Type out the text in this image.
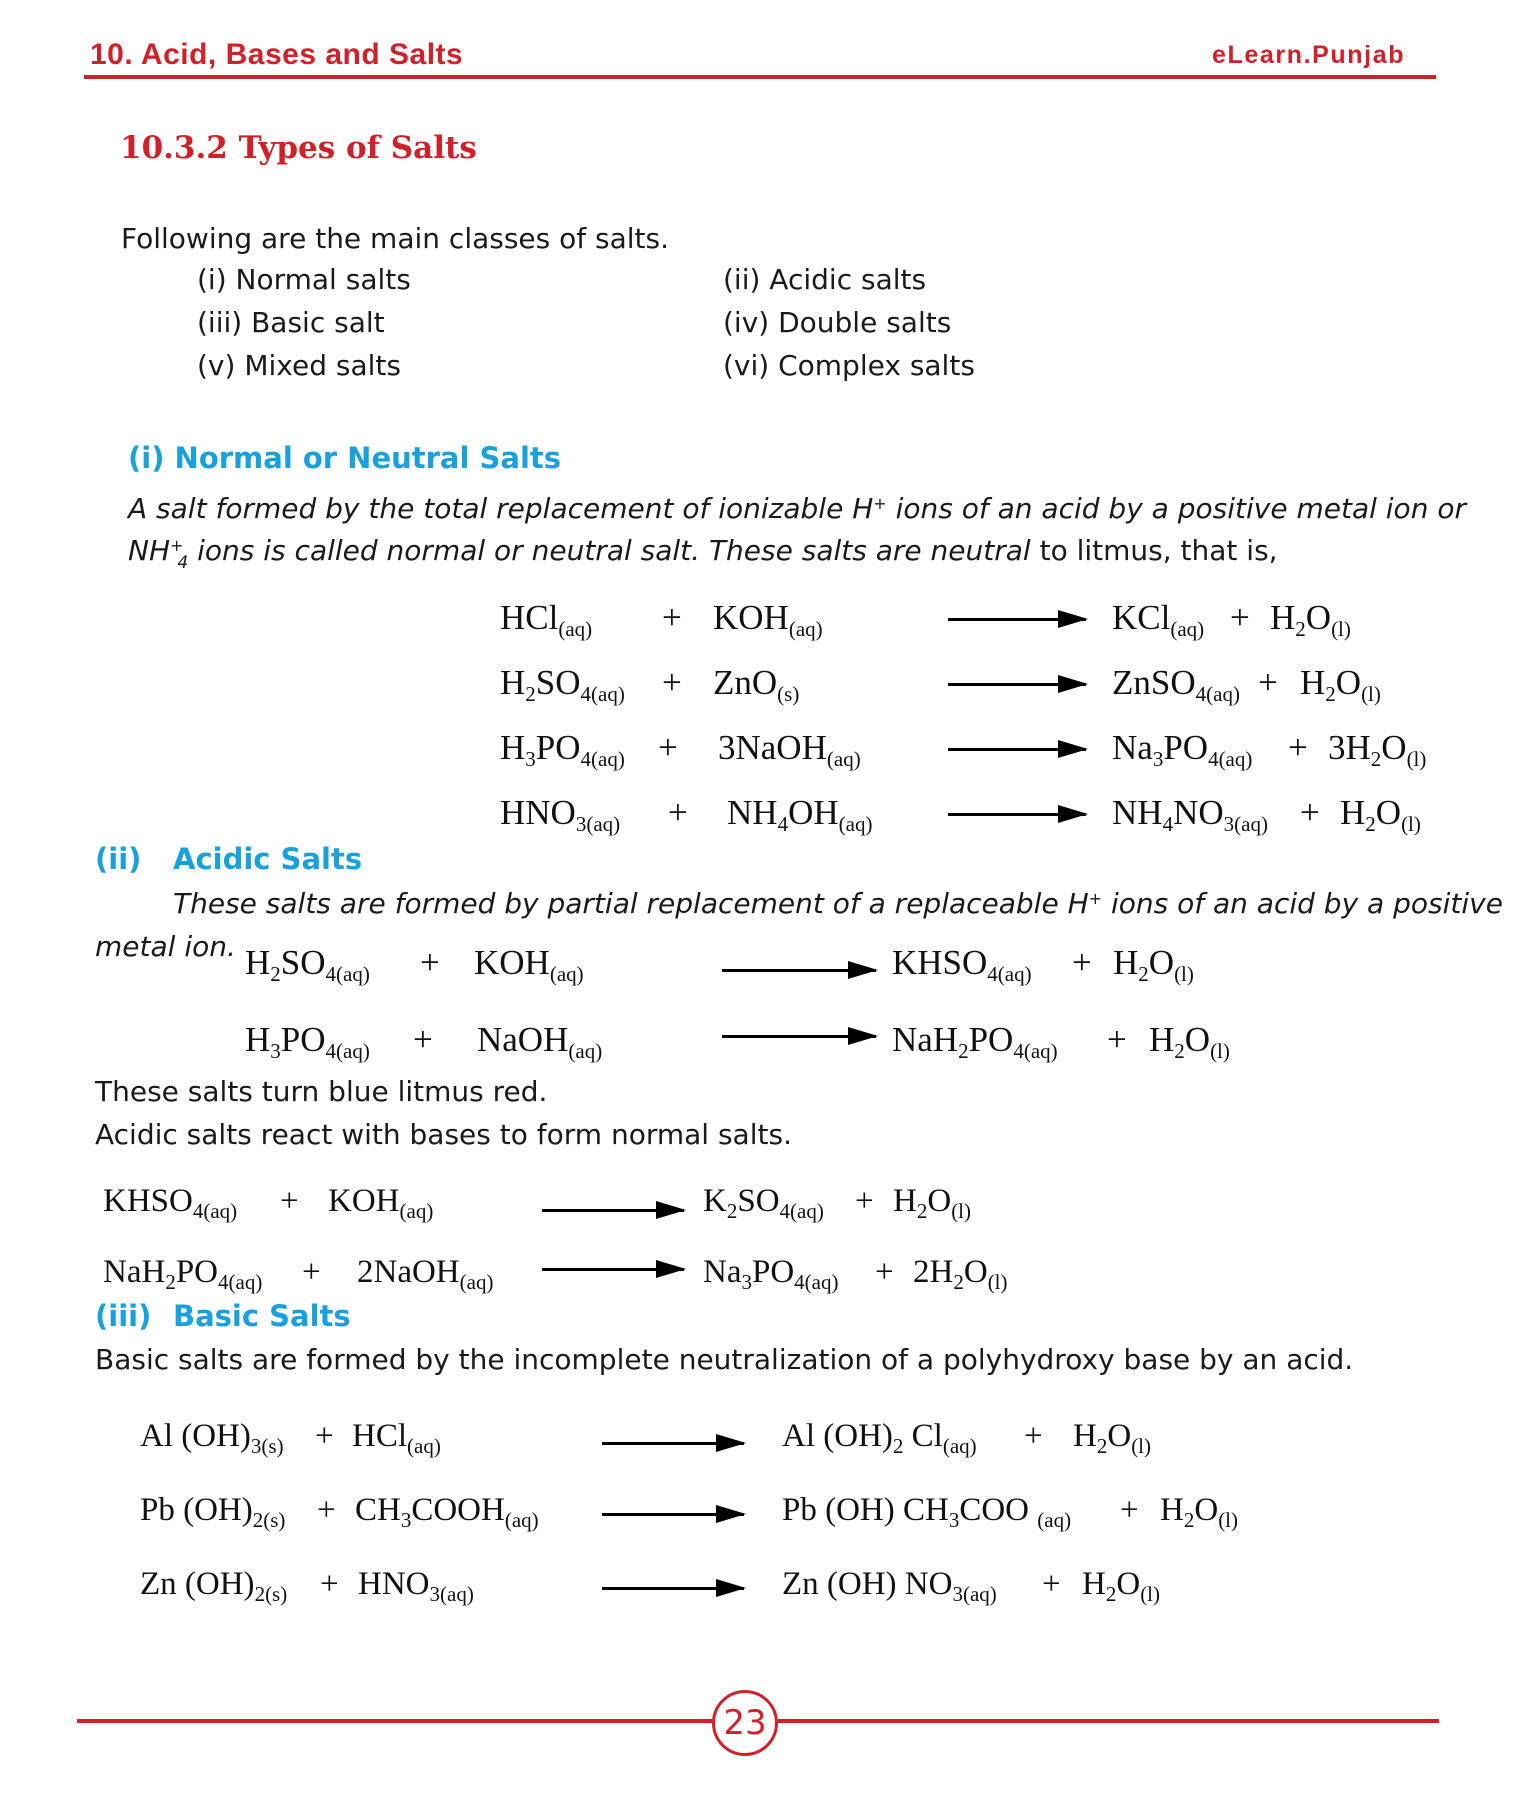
10. Acid, Bases and Salts	eLearn.Punjab
10.3.2 Types of Salts
Following are the main classes of salts.
(i) Normal salts	(ii) Acidic salts
(iii) Basic salt	(iv) Double salts
(v) Mixed salts	(vi) Complex salts
(i) Normal or Neutral Salts
A salt formed by the total replacement of ionizable H+ ions of an acid by a positive metal ion or
$NH^+_4$ ions is called normal or neutral salt. These salts are neutral to litmus, that is,
$HCl_{(aq)} + KOH_{(aq)}$	$KCl_{(aq)} + H_2O_{(l)}$
$H_2SO_{4(aq)} + ZnO_{(s)}$	ZnSO$_{4(aq)}$ + $H_2O_{(l)}$
$H_3PO_{4(aq)}$ + 3NaOH$_{(aq)}$	$Na_3PO_{4(aq)} + 3H_2O_{(l)}$
$HNO_{3(aq)} + NH_4OH_{(aq)}$	$NH_4NO_{3(aq)} + H_2O_{(l)}$
(ii) Acidic Salts
These salts are formed by partial replacement of a replaceable H+ ions of an acid by a positive
metal ion. $H_2SO_{4(aq)} + KOH_{(aq)}$	$KHSO_{4(aq)} + H_2O_{(l)}$
$H_3PO_{4(aq)}$ + NaOH$_{(aq)}$	$NaH_2PO_{4(aq)} + H_2O_{(l)}$
These salts turn blue litmus red.
Acidic salts react with bases to form normal salts.
$KHSO_{4(aq)} + KOH_{(aq)}$	$K_2SO_{4(aq)} + H_2O_{(l)}$
$NaH_2PO_{4(aq)}$ + 2NaOH$_{(aq)}$	$Na_3PO_{4(aq)} + 2H_2O_{(l)}$
(iii) Basic Salts
Basic salts are formed by the incomplete neutralization of a polyhydroxy base by an acid.
Al $(OH)_{3(s)} + HCl_{(aq)}$	Al $(OH)_2$ $Cl_{(aq)} + H_2O_{(l)}$
Pb $(OH)_{2(s)}$ + $CH_3COOH_{(aq)}$	Pb (OH) $CH_3COO$ $_{(aq)} + H_2O_{(l)}$
Zn $(OH)_{2(s)} + HNO_{3(aq)}$	Zn (OH) $NO_{3(aq)} + H_2O_{(l)}$
23
